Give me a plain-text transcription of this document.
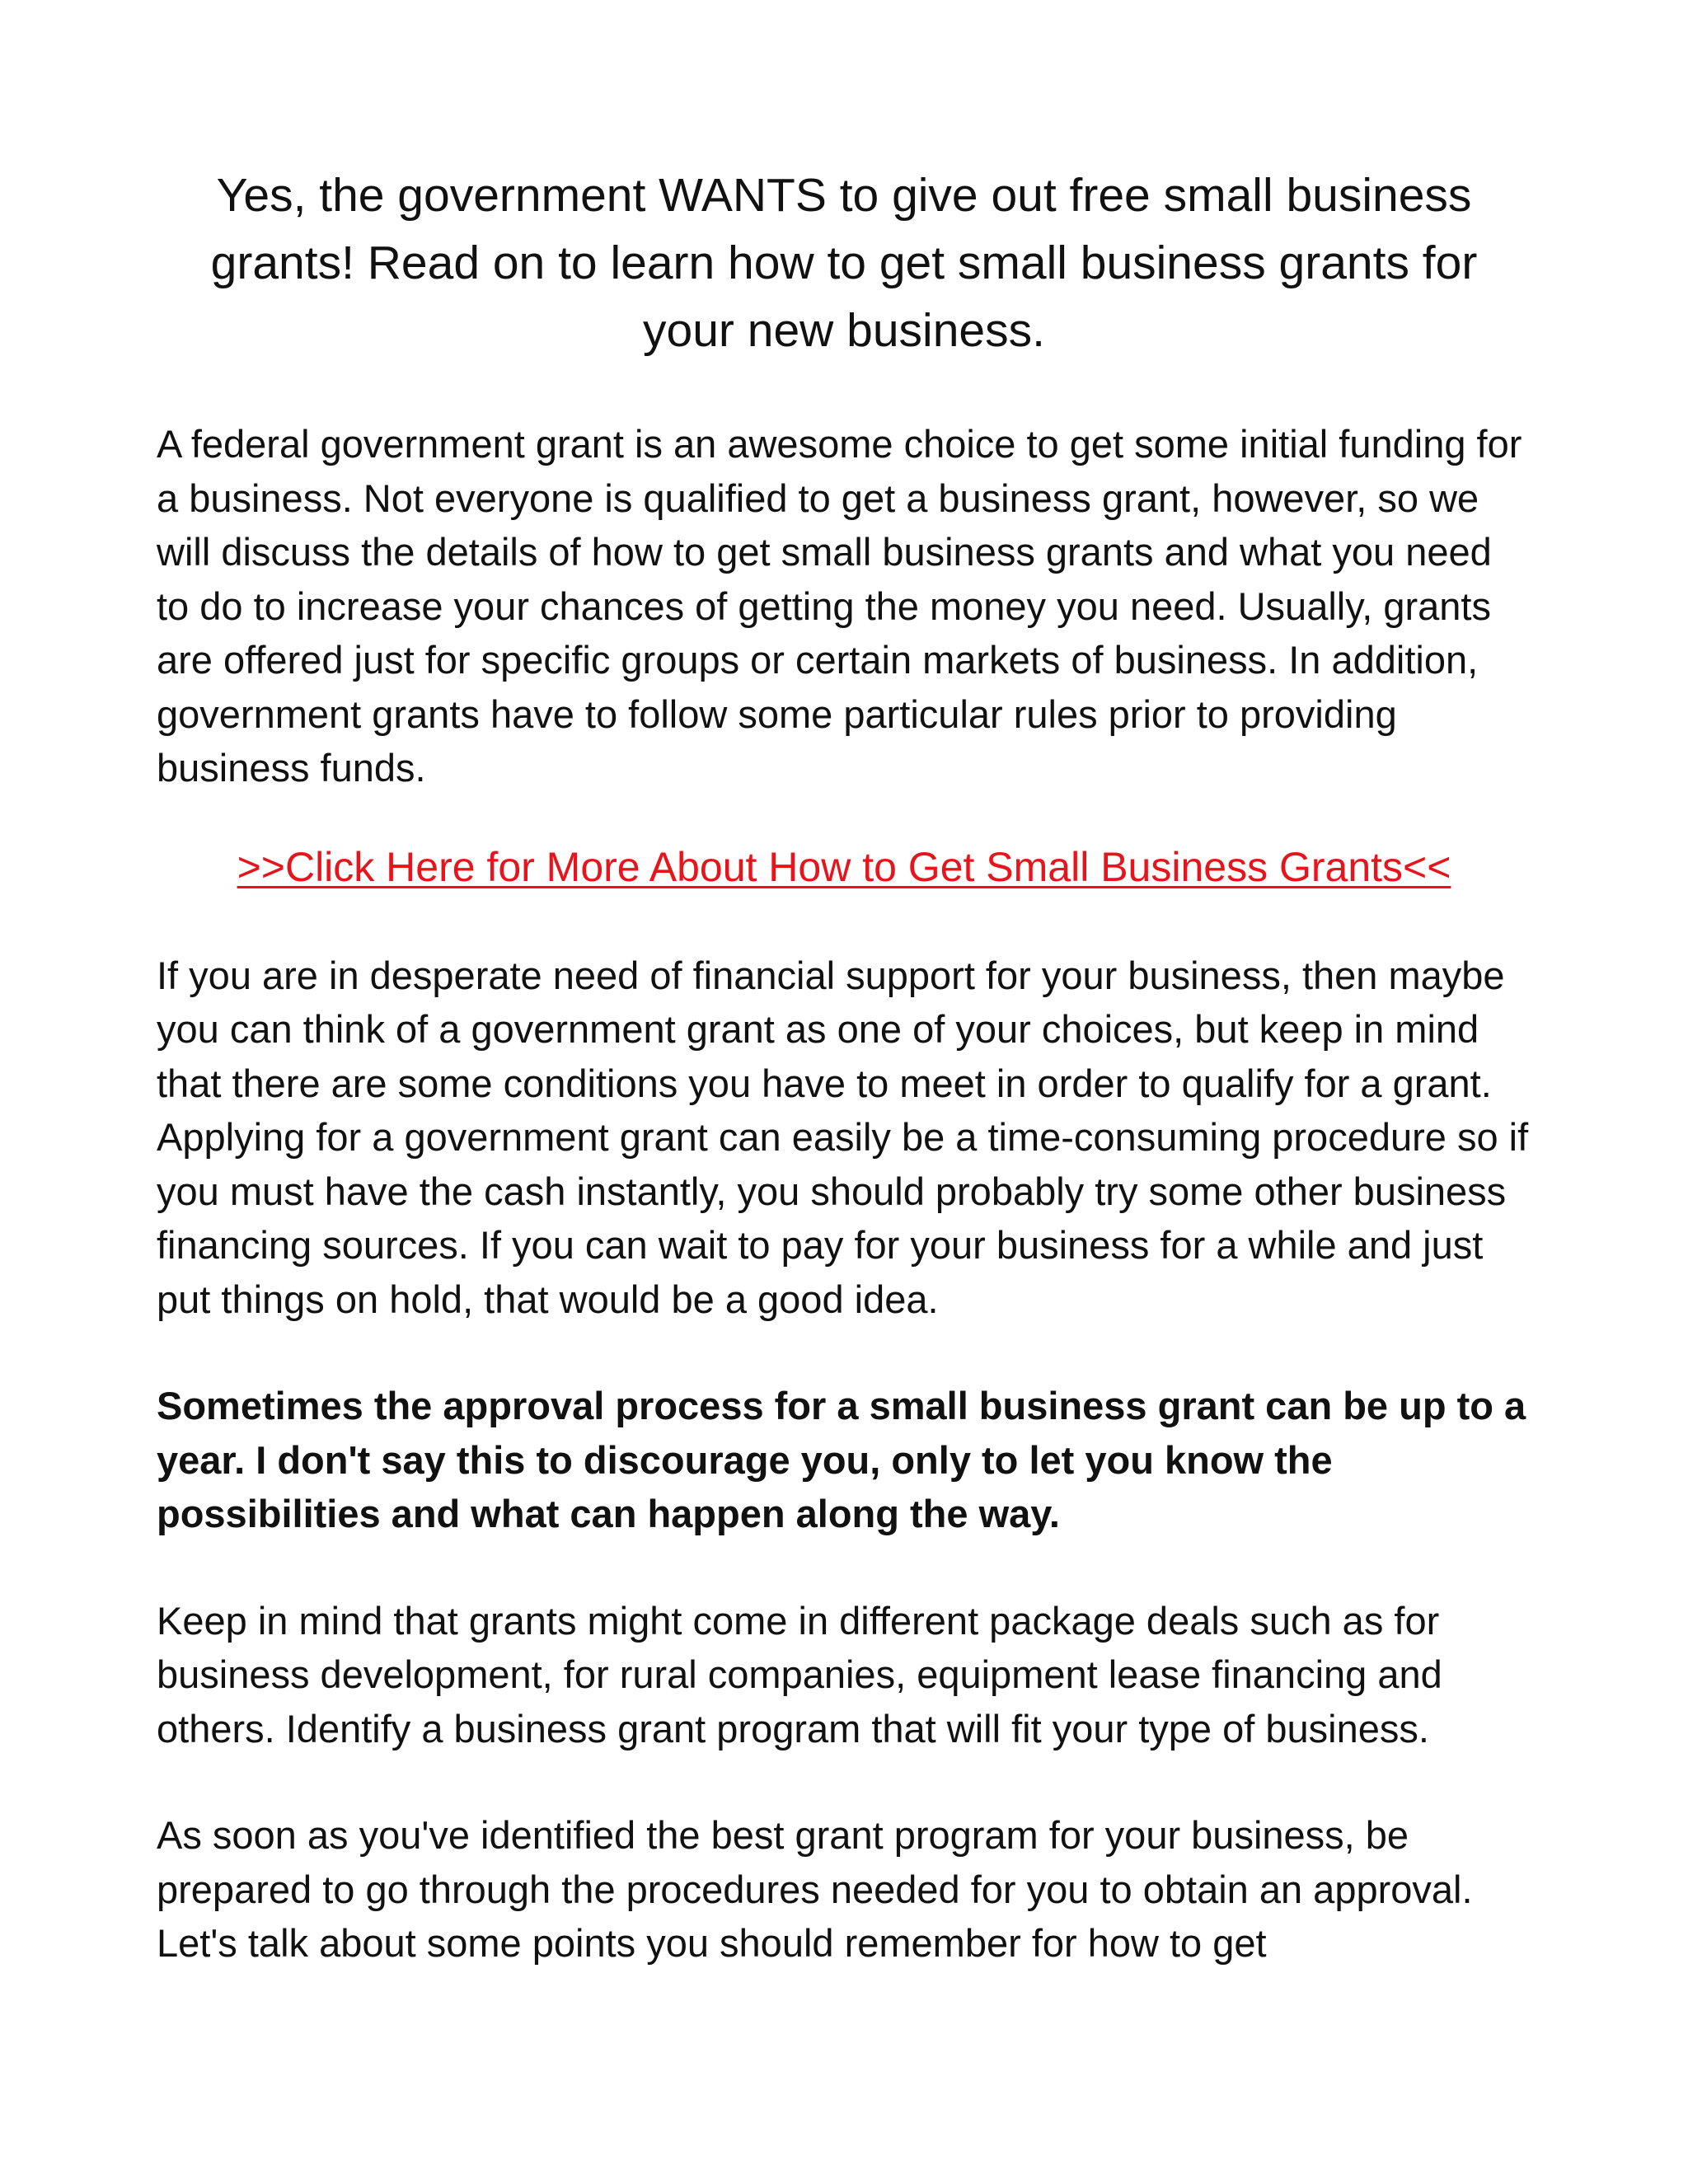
Yes, the government WANTS to give out free small business grants! Read on to learn how to get small business grants for your new business.

A federal government grant is an awesome choice to get some initial funding for a business. Not everyone is qualified to get a business grant, however, so we will discuss the details of how to get small business grants and what you need to do to increase your chances of getting the money you need. Usually, grants are offered just for specific groups or certain markets of business. In addition, government grants have to follow some particular rules prior to providing business funds.

>>Click Here for More About How to Get Small Business Grants<<

If you are in desperate need of financial support for your business, then maybe you can think of a government grant as one of your choices, but keep in mind that there are some conditions you have to meet in order to qualify for a grant. Applying for a government grant can easily be a time-consuming procedure so if you must have the cash instantly, you should probably try some other business financing sources. If you can wait to pay for your business for a while and just put things on hold, that would be a good idea.

Sometimes the approval process for a small business grant can be up to a year. I don't say this to discourage you, only to let you know the possibilities and what can happen along the way.

Keep in mind that grants might come in different package deals such as for business development, for rural companies, equipment lease financing and others. Identify a business grant program that will fit your type of business.

As soon as you've identified the best grant program for your business, be prepared to go through the procedures needed for you to obtain an approval. Let's talk about some points you should remember for how to get
